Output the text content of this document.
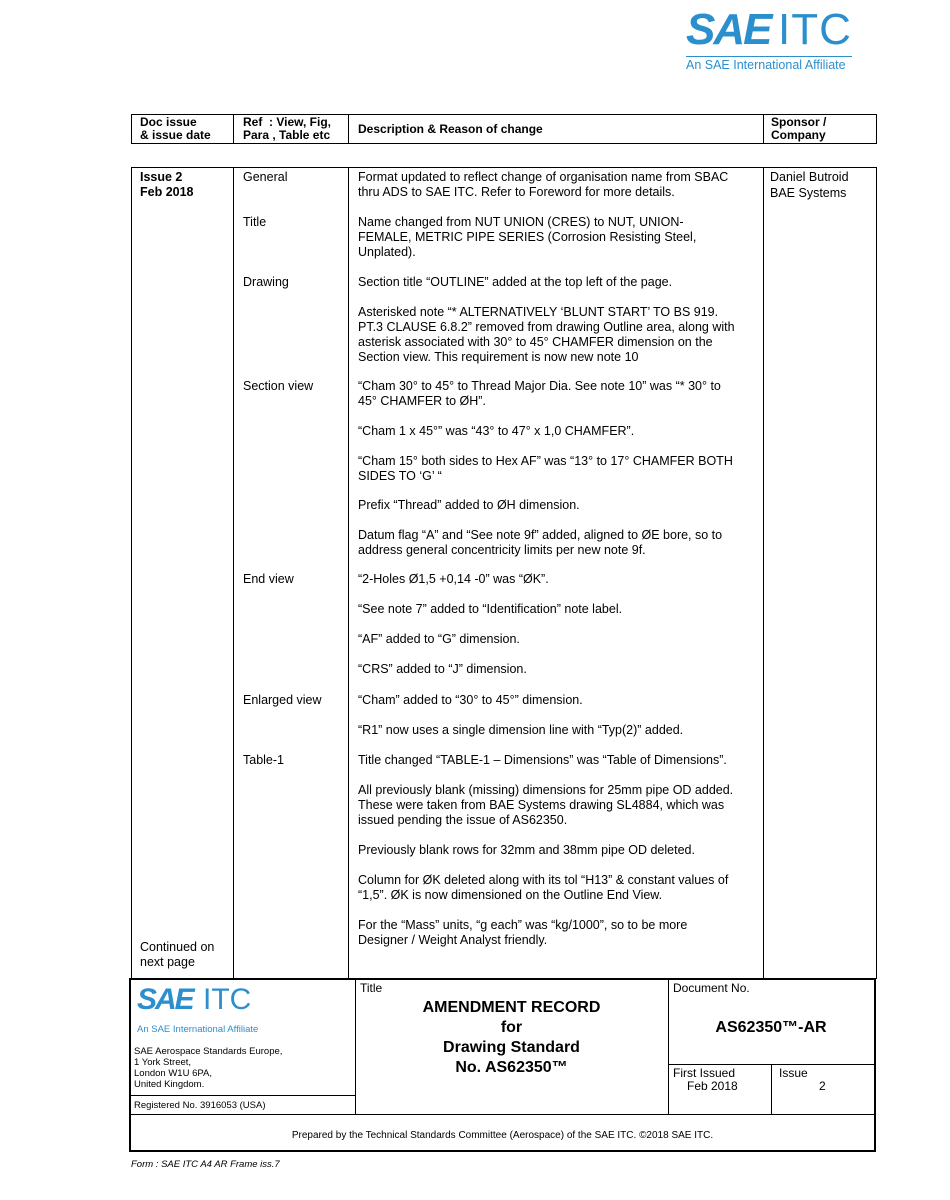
SAE ITC
An SAE International Affiliate
Doc issue
& issue date
Ref  : View, Fig,
Para , Table etc Description & Reason of change	Sponsor /
Company
Issue 2
Feb 2018
Continued on
next page
Daniel Butroid
BAE Systems
General
Title
Drawing
Section view
End view
Enlarged view
Table-1
Format updated to reflect change of organisation name from SBAC
thru ADS to SAE ITC. Refer to Foreword for more details.
Name changed from NUT UNION (CRES) to NUT, UNION-
FEMALE, METRIC PIPE SERIES (Corrosion Resisting Steel,
Unplated).
Section title “OUTLINE” added at the top left of the page.
Asterisked note “* ALTERNATIVELY ‘BLUNT START’ TO BS 919.
PT.3 CLAUSE 6.8.2” removed from drawing Outline area, along with
asterisk associated with 30° to 45° CHAMFER dimension on the
Section view. This requirement is now new note 10
“Cham 30° to 45° to Thread Major Dia. See note 10” was “* 30° to
45° CHAMFER to ØH”.
“Cham 1 x 45°” was “43° to 47° x 1,0 CHAMFER”.
“Cham 15° both sides to Hex AF” was “13° to 17° CHAMFER BOTH
SIDES TO ‘G’ “
Prefix “Thread” added to ØH dimension.
Datum flag “A” and “See note 9f” added, aligned to ØE bore, so to
address general concentricity limits per new note 9f.
“2-Holes Ø1,5 +0,14 -0” was “ØK”.
“See note 7” added to “Identification” note label.
“AF” added to “G” dimension.
“CRS” added to “J” dimension.
“Cham” added to “30° to 45°” dimension.
“R1” now uses a single dimension line with “Typ(2)” added.
Title changed “TABLE-1 – Dimensions” was “Table of Dimensions”.
All previously blank (missing) dimensions for 25mm pipe OD added.
These were taken from BAE Systems drawing SL4884, which was
issued pending the issue of AS62350.
Previously blank rows for 32mm and 38mm pipe OD deleted.
Column for ØK deleted along with its tol “H13” & constant values of
“1,5”. ØK is now dimensioned on the Outline End View.
For the “Mass” units, “g each” was “kg/1000”, so to be more
Designer / Weight Analyst friendly.
SAE ITC
An SAE International Affiliate
SAE Aerospace Standards Europe,
1 York Street,
London W1U 6PA,
United Kingdom.
Registered No. 3916053 (USA)
Title
AMENDMENT RECORD
for
Drawing Standard
No. AS62350™
Document No.
AS62350™-AR
First Issued
Feb 2018
Issue
2
Prepared by the Technical Standards Committee (Aerospace) of the SAE ITC. ©2018 SAE ITC.
Form : SAE ITC A4 AR Frame iss.7
